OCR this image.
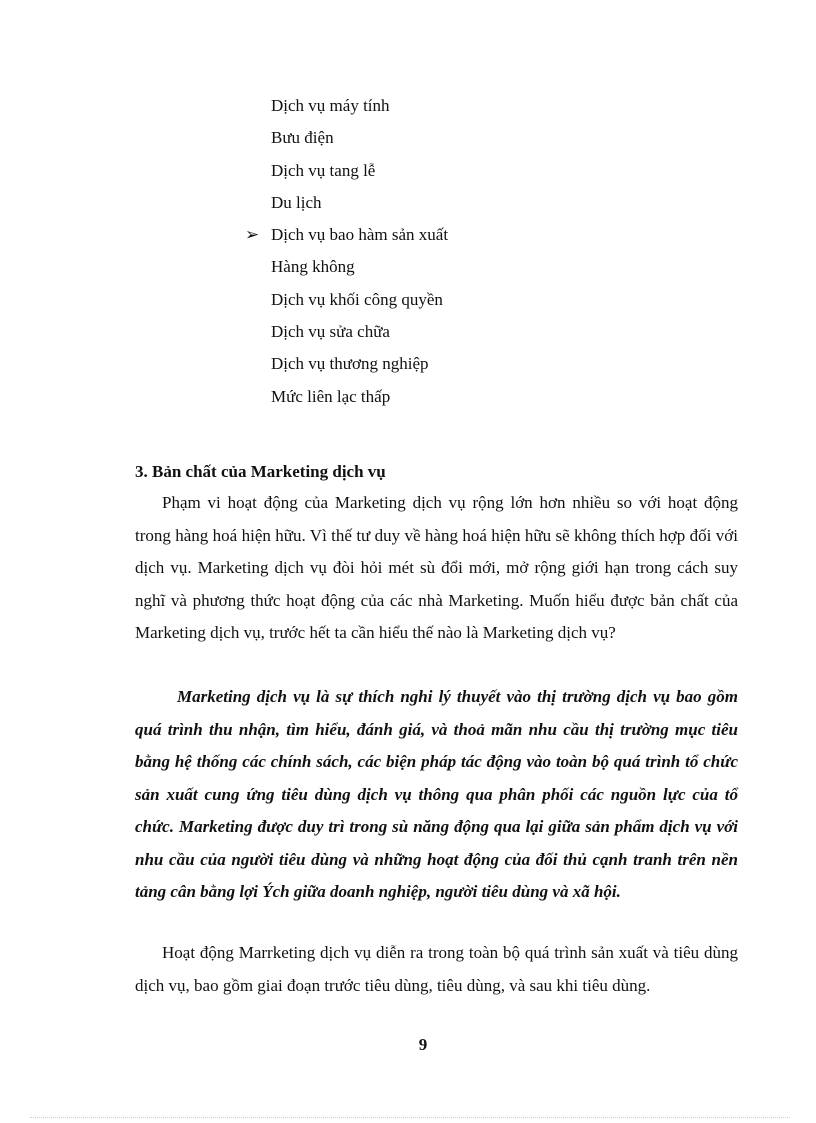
Dịch vụ máy tính
Bưu điện
Dịch vụ tang lễ
Du lịch
➢ Dịch vụ bao hàm sản xuất
Hàng không
Dịch vụ khối công quyền
Dịch vụ sửa chữa
Dịch vụ thương nghiệp
Mức liên lạc thấp
3. Bản chất của Marketing dịch vụ

Phạm vi hoạt động của Marketing dịch vụ rộng lớn hơn nhiều so với hoạt động trong hàng hoá hiện hữu. Vì thế tư duy về hàng hoá hiện hữu sẽ không thích hợp đối với dịch vụ. Marketing dịch vụ đòi hỏi mét sù đổi mới, mở rộng giới hạn trong cách suy nghĩ và phương thức hoạt động của các nhà Marketing. Muốn hiểu được bản chất của Marketing dịch vụ, trước hết ta cần hiểu thế nào là Marketing dịch vụ?

Marketing dịch vụ là sự thích nghi lý thuyết vào thị trường dịch vụ bao gồm quá trình thu nhận, tìm hiểu, đánh giá, và thoả mãn nhu cầu thị trường mục tiêu bằng hệ thống các chính sách, các biện pháp tác động vào toàn bộ quá trình tổ chức sản xuất cung ứng tiêu dùng dịch vụ thông qua phân phối các nguồn lực của tổ chức. Marketing được duy trì trong sù năng động qua lại giữa sản phẩm dịch vụ với nhu cầu của người tiêu dùng và những hoạt động của đối thủ cạnh tranh trên nền tảng cân bằng lợi Ých giữa doanh nghiệp, người tiêu dùng và xã hội.

Hoạt động Marrketing dịch vụ diễn ra trong toàn bộ quá trình sản xuất và tiêu dùng dịch vụ, bao gồm giai đoạn trước tiêu dùng, tiêu dùng, và sau khi tiêu dùng.

9
